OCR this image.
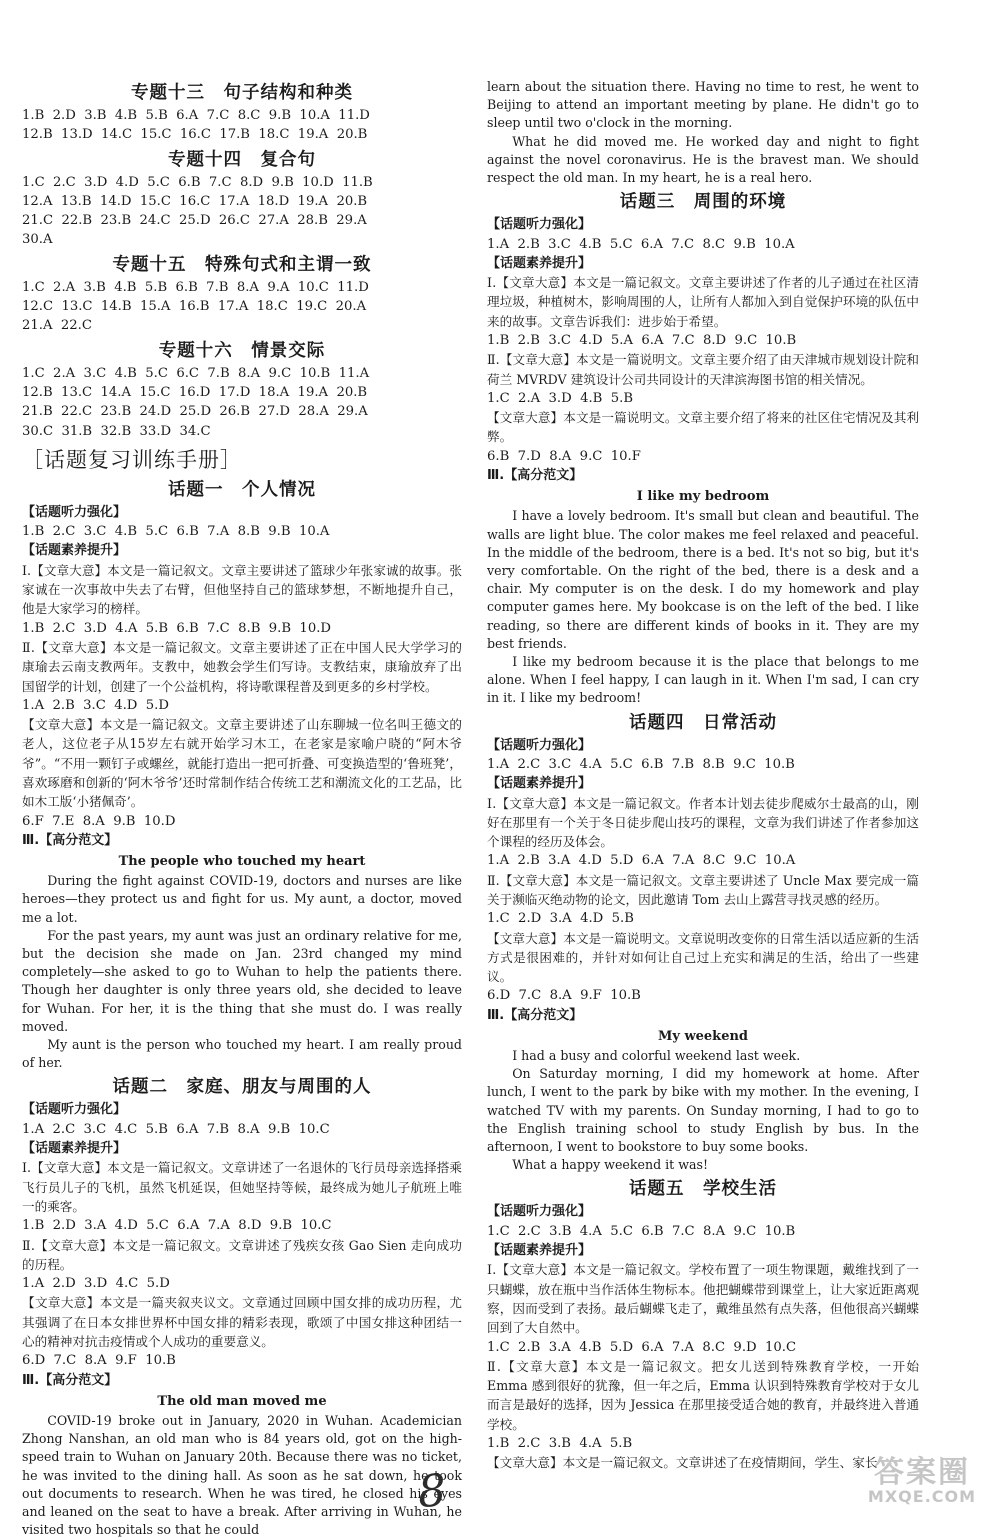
专题十三　句子结构和种类

1.B  2.D  3.B  4.B  5.B  6.A  7.C  8.C  9.B  10.A  11.D

12.B  13.D  14.C  15.C  16.C  17.B  18.C  19.A  20.B

专题十四　复合句

1.C  2.C  3.D  4.D  5.C  6.B  7.C  8.D  9.B  10.D  11.B

12.A  13.B  14.D  15.C  16.C  17.A  18.D  19.A  20.B

21.C  22.B  23.B  24.C  25.D  26.C  27.A  28.B  29.A

30.A

专题十五　特殊句式和主谓一致

1.C  2.A  3.B  4.B  5.B  6.B  7.B  8.A  9.A  10.C  11.D

12.C  13.C  14.B  15.A  16.B  17.A  18.C  19.C  20.A

21.A  22.C

专题十六　情景交际

1.C  2.A  3.C  4.B  5.C  6.C  7.B  8.A  9.C  10.B  11.A

12.B  13.C  14.A  15.C  16.D  17.D  18.A  19.A  20.B

21.B  22.C  23.B  24.D  25.D  26.B  27.D  28.A  29.A

30.C  31.B  32.B  33.D  34.C

［话题复习训练手册］
话题一　个人情况

【话题听力强化】

1.B  2.C  3.C  4.B  5.C  6.B  7.A  8.B  9.B  10.A

【话题素养提升】

Ⅰ.【文章大意】本文是一篇记叙文。文章主要讲述了篮球少年张家诚的故事。张家诚在一次事故中失去了右臂，但他坚持自己的篮球梦想，不断地提升自己，他是大家学习的榜样。

1.B  2.C  3.D  4.A  5.B  6.B  7.C  8.B  9.B  10.D

Ⅱ.【文章大意】本文是一篇记叙文。文章主要讲述了正在中国人民大学学习的康瑜去云南支教两年。支教中，她教会学生们写诗。支教结束，康瑜放弃了出国留学的计划，创建了一个公益机构，将诗歌课程普及到更多的乡村学校。

1.A  2.B  3.C  4.D  5.D

【文章大意】本文是一篇记叙文。文章主要讲述了山东聊城一位名叫王德文的老人，这位老子从15岁左右就开始学习木工，在老家是家喻户晓的“阿木爷爷”。“不用一颗钉子或螺丝，就能打造出一把可折叠、可变换造型的‘鲁班凳’，喜欢琢磨和创新的‘阿木爷爷’还时常制作结合传统工艺和潮流文化的工艺品，比如木工版‘小猪佩奇’。

6.F  7.E  8.A  9.B  10.D

Ⅲ.【高分范文】

The people who touched my heart

During the fight against COVID-19, doctors and nurses are like heroes—they protect us and fight for us. My aunt, a doctor, moved me a lot.

For the past years, my aunt was just an ordinary relative for me, but the decision she made on Jan. 23rd changed my mind completely—she asked to go to Wuhan to help the patients there. Though her daughter is only three years old, she decided to leave for Wuhan. For her, it is the thing that she must do. I was really moved.

My aunt is the person who touched my heart. I am really proud of her.

话题二　家庭、朋友与周围的人

【话题听力强化】

1.A  2.C  3.C  4.C  5.B  6.A  7.B  8.A  9.B  10.C

【话题素养提升】

Ⅰ.【文章大意】本文是一篇记叙文。文章讲述了一名退休的飞行员母亲选择搭乘飞行员儿子的飞机，虽然飞机延误，但她坚持等候，最终成为她儿子航班上唯一的乘客。

1.B  2.D  3.A  4.D  5.C  6.A  7.A  8.D  9.B  10.C

Ⅱ.【文章大意】本文是一篇记叙文。文章讲述了残疾女孩 Gao Sien 走向成功的历程。

1.A  2.D  3.D  4.C  5.D

【文章大意】本文是一篇夹叙夹议文。文章通过回顾中国女排的成功历程，尤其强调了在日本女排世界杯中国女排的精彩表现，歌颂了中国女排这种团结一心的精神对抗击疫情或个人成功的重要意义。

6.D  7.C  8.A  9.F  10.B

Ⅲ.【高分范文】

The old man moved me

COVID-19 broke out in January, 2020 in Wuhan. Academician Zhong Nanshan, an old man who is 84 years old, got on the high-speed train to Wuhan on January 20th. Because there was no ticket, he was invited to the dining hall. As soon as he sat down, he took out documents to research. When he was tired, he closed his eyes and leaned on the seat to have a break. After arriving in Wuhan, he visited two hospitals so that he could

learn about the situation there. Having no time to rest, he went to Beijing to attend an important meeting by plane. He didn't go to sleep until two o'clock in the morning.

What he did moved me. He worked day and night to fight against the novel coronavirus. He is the bravest man. We should respect the old man. In my heart, he is a real hero.

话题三　周围的环境

【话题听力强化】

1.A  2.B  3.C  4.B  5.C  6.A  7.C  8.C  9.B  10.A

【话题素养提升】

Ⅰ.【文章大意】本文是一篇记叙文。文章主要讲述了作者的儿子通过在社区清理垃圾，种植树木，影响周围的人，让所有人都加入到自觉保护环境的队伍中来的故事。文章告诉我们：进步始于希望。

1.B  2.B  3.C  4.D  5.A  6.A  7.C  8.D  9.C  10.B

Ⅱ.【文章大意】本文是一篇说明文。文章主要介绍了由天津城市规划设计院和荷兰 MVRDV 建筑设计公司共同设计的天津滨海图书馆的相关情况。

1.C  2.A  3.D  4.B  5.B

【文章大意】本文是一篇说明文。文章主要介绍了将来的社区住宅情况及其利弊。

6.B  7.D  8.A  9.C  10.F

Ⅲ.【高分范文】

I like my bedroom

I have a lovely bedroom. It's small but clean and beautiful. The walls are light blue. The color makes me feel relaxed and peaceful. In the middle of the bedroom, there is a bed. It's not so big, but it's very comfortable. On the right of the bed, there is a desk and a chair. My computer is on the desk. I do my homework and play computer games here. My bookcase is on the left of the bed. I like reading, so there are different kinds of books in it. They are my best friends.

I like my bedroom because it is the place that belongs to me alone. When I feel happy, I can laugh in it. When I'm sad, I can cry in it. I like my bedroom!

话题四　日常活动

【话题听力强化】

1.A  2.C  3.C  4.A  5.C  6.B  7.B  8.B  9.C  10.B

【话题素养提升】

Ⅰ.【文章大意】本文是一篇记叙文。作者本计划去徒步爬威尔士最高的山，刚好在那里有一个关于冬日徒步爬山技巧的课程，文章为我们讲述了作者参加这个课程的经历及体会。

1.A  2.B  3.A  4.D  5.D  6.A  7.A  8.C  9.C  10.A

Ⅱ.【文章大意】本文是一篇记叙文。文章主要讲述了 Uncle Max 要完成一篇关于濒临灭绝动物的论文，因此邀请 Tom 去山上露营寻找灵感的经历。

1.C  2.D  3.A  4.D  5.B

【文章大意】本文是一篇说明文。文章说明改变你的日常生活以适应新的生活方式是很困难的，并针对如何让自己过上充实和满足的生活，给出了一些建议。

6.D  7.C  8.A  9.F  10.B

Ⅲ.【高分范文】

My weekend

I had a busy and colorful weekend last week.

On Saturday morning, I did my homework at home. After lunch, I went to the park by bike with my mother. In the evening, I watched TV with my parents. On Sunday morning, I had to go to the English training school to study English by bus. In the afternoon, I went to bookstore to buy some books.

What a happy weekend it was!

话题五　学校生活

【话题听力强化】

1.C  2.C  3.B  4.A  5.C  6.B  7.C  8.A  9.C  10.B

【话题素养提升】

Ⅰ.【文章大意】本文是一篇记叙文。学校布置了一项生物课题，戴维找到了一只蝴蝶，放在瓶中当作活体生物标本。他把蝴蝶带到课堂上，让大家近距离观察，因而受到了表扬。最后蝴蝶飞走了，戴维虽然有点失落，但他很高兴蝴蝶回到了大自然中。

1.C  2.B  3.A  4.B  5.D  6.A  7.A  8.C  9.D  10.C

Ⅱ.【文章大意】本文是一篇记叙文。把女儿送到特殊教育学校，一开始 Emma 感到很好的犹豫，但一年之后，Emma 认识到特殊教育学校对于女儿而言是最好的选择，因为 Jessica 在那里接受适合她的教育，并最终进入普通学校。

1.B  2.C  3.B  4.A  5.B

【文章大意】本文是一篇记叙文。文章讲述了在疫情期间，学生、家长

8	答案圈
MXQE.COM
